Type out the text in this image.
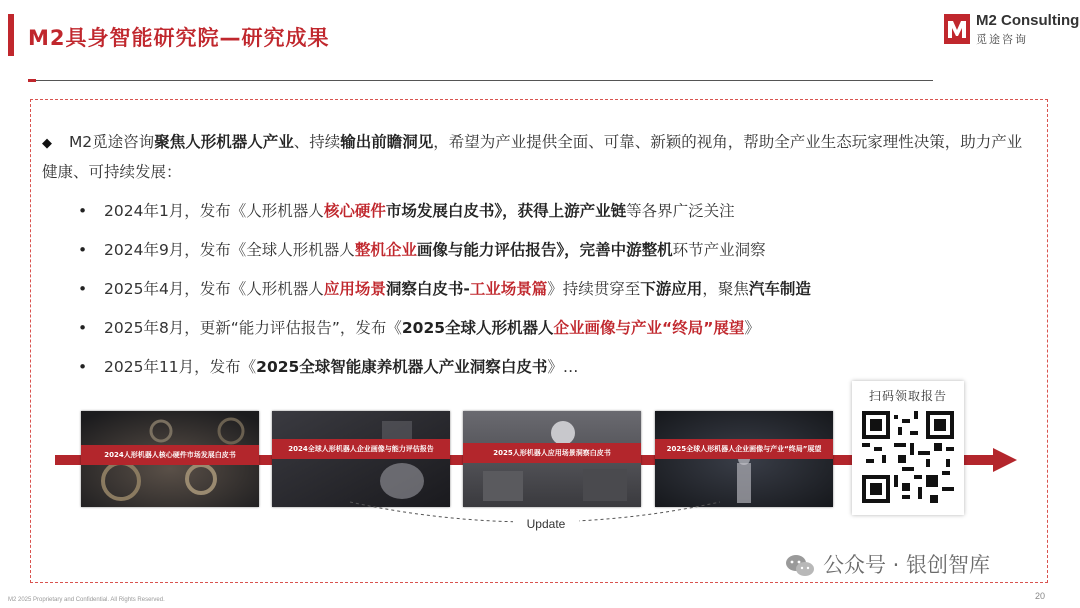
M2具身智能研究院—研究成果
M2 Consulting
觅途咨询
◆ M2觅途咨询聚焦人形机器人产业、持续输出前瞻洞见，希望为产业提供全面、可靠、新颖的视角，帮助全产业生态玩家理性决策，助力产业健康、可持续发展：
• 2024年1月，发布《人形机器人核心硬件市场发展白皮书》，获得上游产业链等各界广泛关注
• 2024年9月，发布《全球人形机器人整机企业画像与能力评估报告》，完善中游整机环节产业洞察
• 2025年4月，发布《人形机器人应用场景洞察白皮书-工业场景篇》持续贯穿至下游应用，聚焦汽车制造
• 2025年8月，更新“能力评估报告”，发布《2025全球人形机器人企业画像与产业“终局”展望》
• 2025年11月，发布《2025全球智能康养机器人产业洞察白皮书》…
2024人形机器人核心硬件市场发展白皮书
2024全球人形机器人企业画像与能力评估报告	2025人形机器人应用场景洞察白皮书	2025全球人形机器人企业画像与产业“终局”展望
扫码领取报告
Update
公众号 · 银创智库
M2 2025 Proprietary and Confidential. All Rights Reserved.	20
